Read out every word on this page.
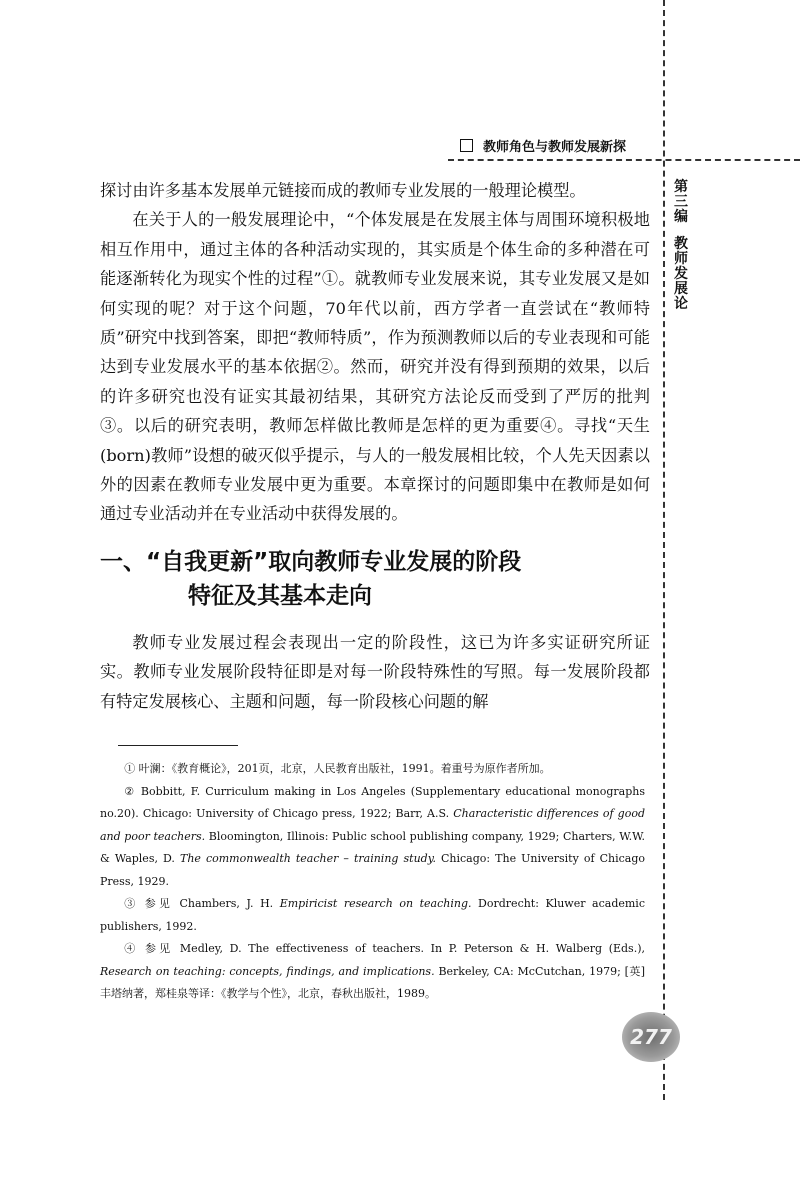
教师角色与教师发展新探
第三编
教师发展论
探讨由许多基本发展单元链接而成的教师专业发展的一般理论模型。
在关于人的一般发展理论中，“个体发展是在发展主体与周围环境积极地相互作用中，通过主体的各种活动实现的，其实质是个体生命的多种潜在可能逐渐转化为现实个性的过程”①。就教师专业发展来说，其专业发展又是如何实现的呢？对于这个问题，70年代以前，西方学者一直尝试在“教师特质”研究中找到答案，即把“教师特质”，作为预测教师以后的专业表现和可能达到专业发展水平的基本依据②。然而，研究并没有得到预期的效果，以后的许多研究也没有证实其最初结果，其研究方法论反而受到了严厉的批判③。以后的研究表明，教师怎样做比教师是怎样的更为重要④。寻找“天生(born)教师”设想的破灭似乎提示，与人的一般发展相比较，个人先天因素以外的因素在教师专业发展中更为重要。本章探讨的问题即集中在教师是如何通过专业活动并在专业活动中获得发展的。
一、“自我更新”取向教师专业发展的阶段
特征及其基本走向
教师专业发展过程会表现出一定的阶段性，这已为许多实证研究所证实。教师专业发展阶段特征即是对每一阶段特殊性的写照。每一发展阶段都有特定发展核心、主题和问题，每一阶段核心问题的解

① 叶澜：《教育概论》，201页，北京，人民教育出版社，1991。着重号为原作者所加。

② Bobbitt, F. Curriculum making in Los Angeles (Supplementary educational monographs no.20). Chicago: University of Chicago press, 1922; Barr, A.S. Characteristic differences of good and poor teachers. Bloomington, Illinois: Public school publishing company, 1929; Charters, W.W. & Waples, D. The commonwealth teacher – training study. Chicago: The University of Chicago Press, 1929.

③ 参见 Chambers, J. H. Empiricist research on teaching. Dordrecht: Kluwer academic publishers, 1992.

④ 参见 Medley, D. The effectiveness of teachers. In P. Peterson & H. Walberg (Eds.), Research on teaching: concepts, findings, and implications. Berkeley, CA: McCutchan, 1979; [英]丰塔纳著，郑桂泉等译：《教学与个性》，北京，春秋出版社，1989。

277
